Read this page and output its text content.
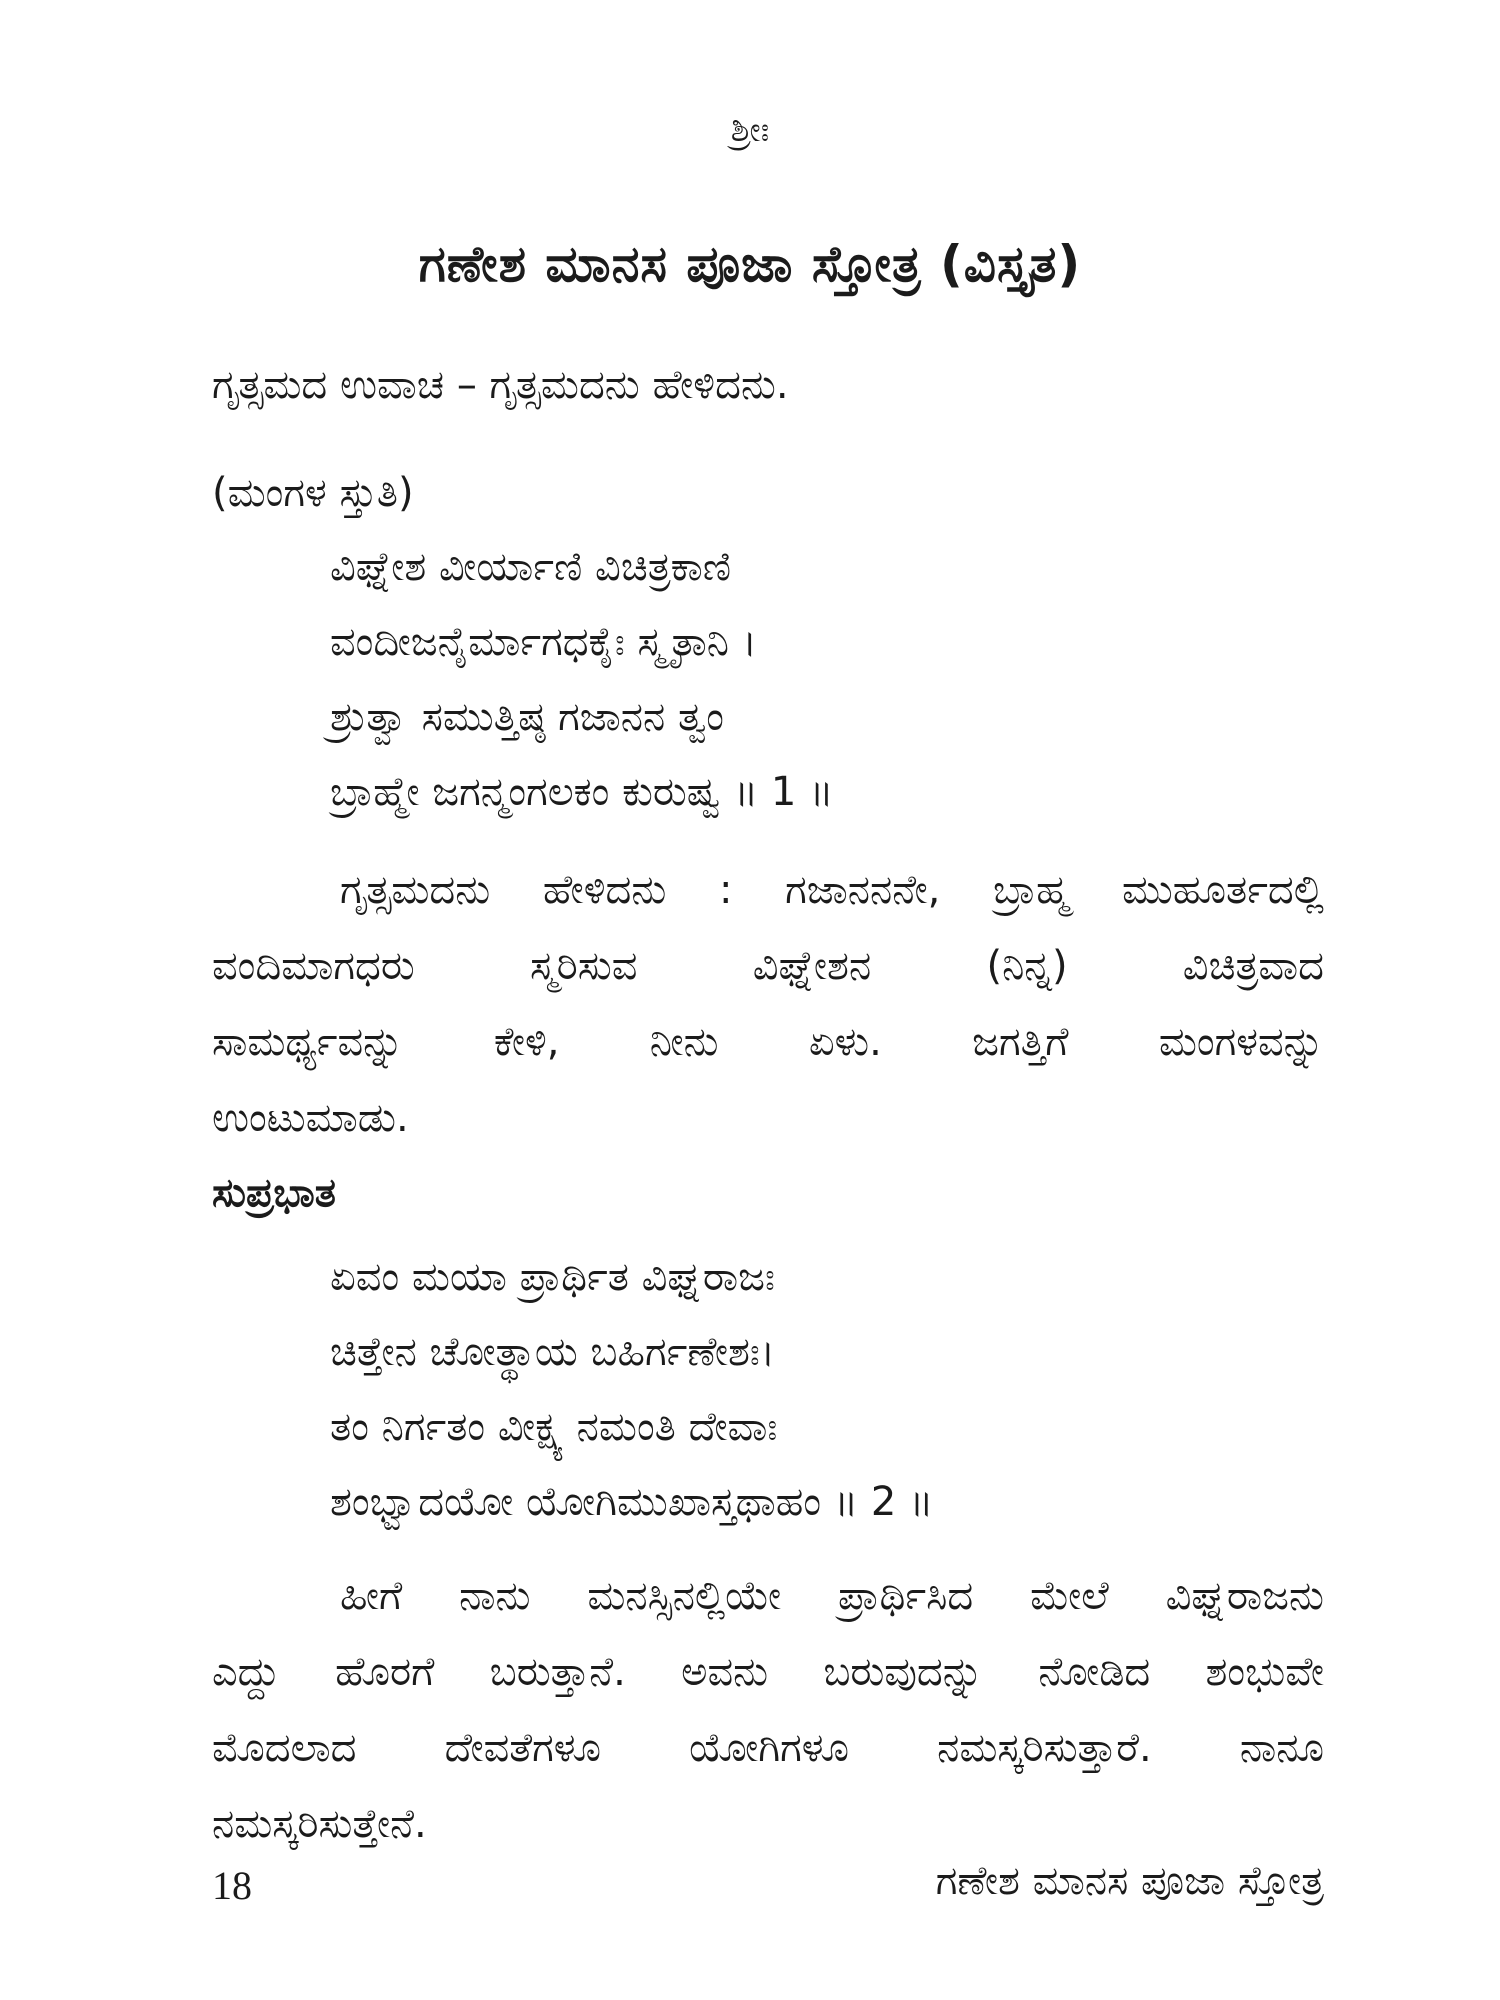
ಶ್ರೀಃ
ಗಣೇಶ ಮಾನಸ ಪೂಜಾ ಸ್ತೋತ್ರ (ವಿಸ್ತೃತ)
ಗೃತ್ಸಮದ ಉವಾಚ – ಗೃತ್ಸಮದನು ಹೇಳಿದನು.
(ಮಂಗಳ ಸ್ತುತಿ)
ವಿಘ್ನೇಶ ವೀರ್ಯಾಣಿ ವಿಚಿತ್ರಕಾಣಿ
ವಂದೀಜನೈರ್ಮಾಗಧಕೈಃ ಸ್ಮೃತಾನಿ ।
ಶ್ರುತ್ವಾ ಸಮುತ್ತಿಷ್ಠ ಗಜಾನನ ತ್ವಂ
ಬ್ರಾಹ್ಮೇ ಜಗನ್ಮಂಗಲಕಂ ಕುರುಷ್ವ ॥ 1 ॥
ಗೃತ್ಸಮದನು ಹೇಳಿದನು : ಗಜಾನನನೇ, ಬ್ರಾಹ್ಮ ಮುಹೂರ್ತದಲ್ಲಿ
ವಂದಿಮಾಗಧರು ಸ್ಮರಿಸುವ ವಿಘ್ನೇಶನ (ನಿನ್ನ) ವಿಚಿತ್ರವಾದ
ಸಾಮರ್ಥ್ಯವನ್ನು ಕೇಳಿ, ನೀನು ಏಳು. ಜಗತ್ತಿಗೆ ಮಂಗಳವನ್ನು
ಉಂಟುಮಾಡು.
ಸುಪ್ರಭಾತ
ಏವಂ ಮಯಾ ಪ್ರಾರ್ಥಿತ ವಿಘ್ನರಾಜಃ
ಚಿತ್ತೇನ ಚೋತ್ಥಾಯ ಬಹಿರ್ಗಣೇಶಃ।
ತಂ ನಿರ್ಗತಂ ವೀಕ್ಷ್ಯ ನಮಂತಿ ದೇವಾಃ
ಶಂಭ್ವಾದಯೋ ಯೋಗಿಮುಖಾಸ್ತಥಾಹಂ ॥ 2 ॥
ಹೀಗೆ ನಾನು ಮನಸ್ಸಿನಲ್ಲಿಯೇ ಪ್ರಾರ್ಥಿಸಿದ ಮೇಲೆ ವಿಘ್ನರಾಜನು
ಎದ್ದು ಹೊರಗೆ ಬರುತ್ತಾನೆ. ಅವನು ಬರುವುದನ್ನು ನೋಡಿದ ಶಂಭುವೇ
ಮೊದಲಾದ ದೇವತೆಗಳೂ ಯೋಗಿಗಳೂ ನಮಸ್ಕರಿಸುತ್ತಾರೆ. ನಾನೂ
ನಮಸ್ಕರಿಸುತ್ತೇನೆ.
18	ಗಣೇಶ ಮಾನಸ ಪೂಜಾ ಸ್ತೋತ್ರ
